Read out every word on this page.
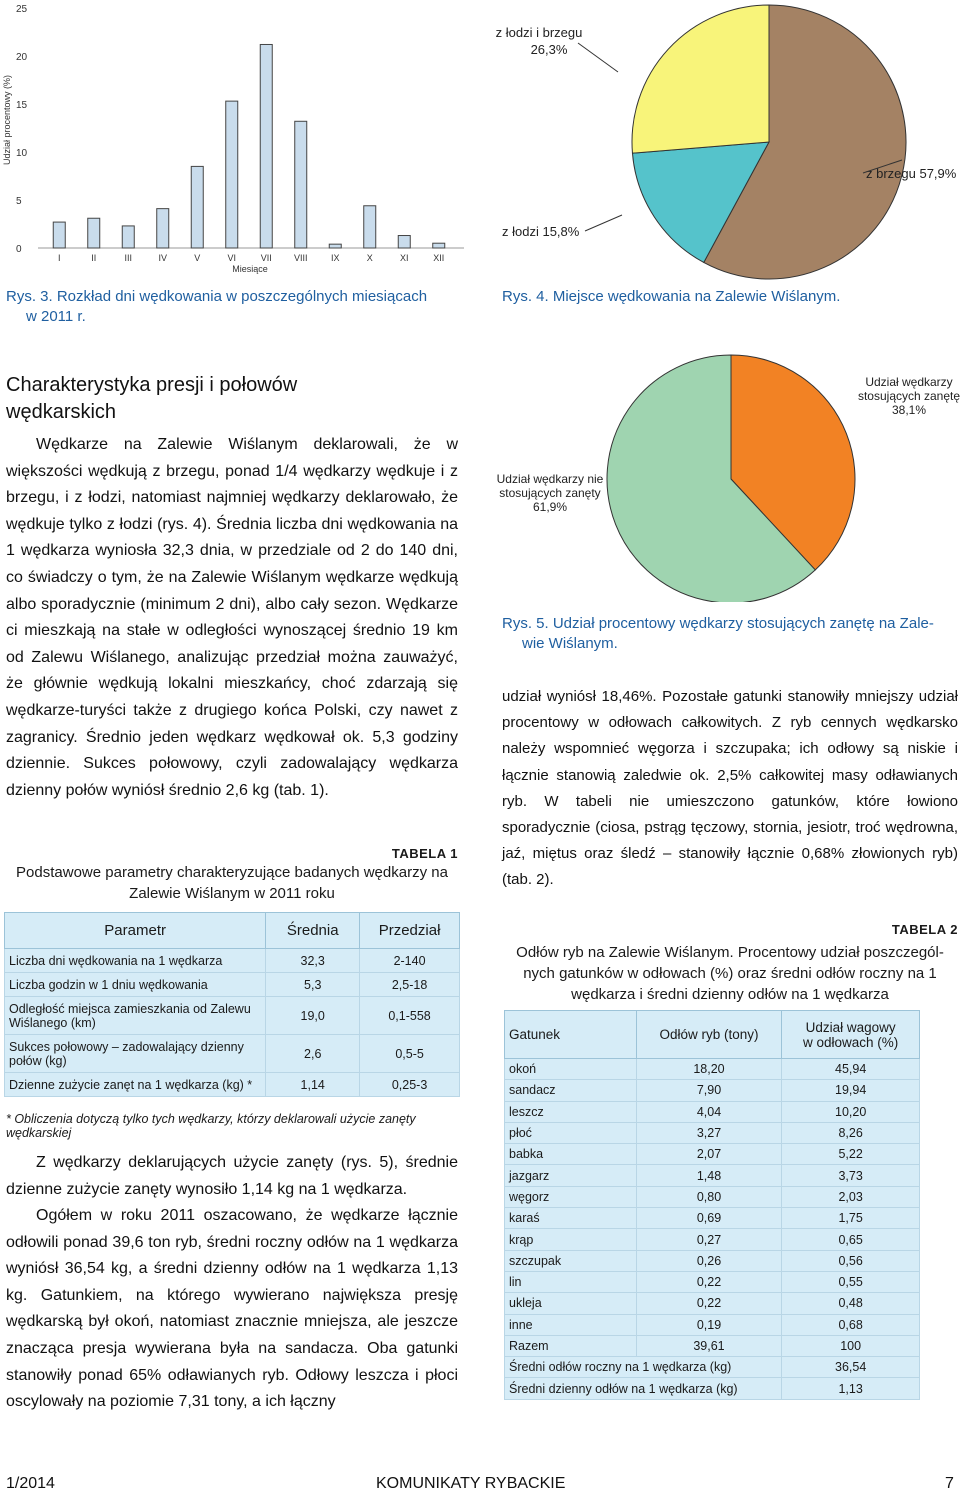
0
5
10
15
20
25
Udział procentowy (%)
I	II	III	IV	V	VI	VII VIII	IX	X	XI	XII
Miesiące
Rys. 3. Rozkład dni wędkowania w poszczególnych miesiącach
w 2011 r.
z łodzi i brzegu
26,3%
z brzegu 57,9%
z łodzi 15,8%
Rys. 4. Miejsce wędkowania na Zalewie Wiślanym.
Charakterystyka presji i połowów
wędkarskich
Wędkarze na Zalewie Wiślanym deklarowali, że w większości wędkują z brzegu, ponad 1/4 wędkarzy wędkuje i z brzegu, i z łodzi, natomiast najmniej wędkarzy deklarowało, że wędkuje tylko z łodzi (rys. 4). Średnia liczba dni wędkowania na 1 wędkarza wyniosła 32,3 dnia, w przedziale od 2 do 140 dni, co świadczy o tym, że na Zalewie Wiślanym wędkarze wędkują albo sporadycznie (minimum 2 dni), albo cały sezon. Wędkarze ci mieszkają na stałe w odległości wynoszącej średnio 19 km od Zalewu Wiślanego, analizując przedział można zauważyć, że głównie wędkują lokalni mieszkańcy, choć zdarzają się wędkarze-turyści także z drugiego końca Polski, czy nawet z zagranicy. Średnio jeden wędkarz wędkował ok. 5,3 godziny dziennie. Sukces połowowy, czyli zadowalający wędkarza dzienny połów wyniósł średnio 2,6 kg (tab. 1).
Udział wędkarzy
stosujących zanętę
38,1%
Udział wędkarzy nie
stosujących zanęty
61,9%
Rys. 5. Udział procentowy wędkarzy stosujących zanętę na Zale-
wie Wiślanym.
udział wyniósł 18,46%. Pozostałe gatunki stanowiły mniejszy udział procentowy w odłowach całkowitych. Z ryb cennych wędkarsko należy wspomnieć węgorza i szczupaka; ich odłowy są niskie i łącznie stanowią zaledwie ok. 2,5% całkowitej masy odławianych ryb. W tabeli nie umieszczono gatunków, które łowiono sporadycznie (ciosa, pstrąg tęczowy, stornia, jesiotr, troć wędrowna, jaź, miętus oraz śledź – stanowiły łącznie 0,68% złowionych ryb) (tab. 2).
TABELA 1
Podstawowe parametry charakteryzujące badanych wędkarzy na
Zalewie Wiślanym w 2011 roku
Parametr	Średnia	Przedział
Liczba dni wędkowania na 1 wędkarza	32,3	2-140
Liczba godzin w 1 dniu wędkowania	5,3	2,5-18
Odległość miejsca zamieszkania od Zalewu Wiślanego (km)	19,0	0,1-558
Sukces połowowy – zadowalający dzienny połów (kg)	2,6	0,5-5
Dzienne zużycie zanęt na 1 wędkarza (kg) *	1,14	0,25-3
* Obliczenia dotyczą tylko tych wędkarzy, którzy deklarowali użycie zanęty wędkarskiej
Z wędkarzy deklarujących użycie zanęty (rys. 5), średnie dzienne zużycie zanęty wynosiło 1,14 kg na 1 wędkarza.
Ogółem w roku 2011 oszacowano, że wędkarze łącznie odłowili ponad 39,6 ton ryb, średni roczny odłów na 1 wędkarza wyniósł 36,54 kg, a średni dzienny odłów na 1 wędkarza 1,13 kg. Gatunkiem, na którego wywierano największa presję wędkarską był okoń, natomiast znacznie mniejsza, ale jeszcze znacząca presja wywierana była na sandacza. Oba gatunki stanowiły ponad 65% odławianych ryb. Odłowy leszcza i płoci oscylowały na poziomie 7,31 tony, a ich łączny
TABELA 2
Odłów ryb na Zalewie Wiślanym. Procentowy udział poszczegól-
nych gatunków w odłowach (%) oraz średni odłów roczny na 1
wędkarza i średni dzienny odłów na 1 wędkarza
Gatunek	Odłów ryb (tony)	Udział wagowy
w odłowach (%)

okoń	18,20	45,94
sandacz	7,90	19,94
leszcz	4,04	10,20
płoć	3,27	8,26
babka	2,07	5,22
jazgarz	1,48	3,73
węgorz	0,80	2,03
karaś	0,69	1,75
krąp	0,27	0,65
szczupak	0,26	0,56
lin	0,22	0,55
ukleja	0,22	0,48
inne	0,19	0,68
Razem	39,61	100
Średni odłów roczny na 1 wędkarza (kg)		36,54
Średni dzienny odłów na 1 wędkarza (kg)		1,13
1/2014	KOMUNIKATY RYBACKIE	7
